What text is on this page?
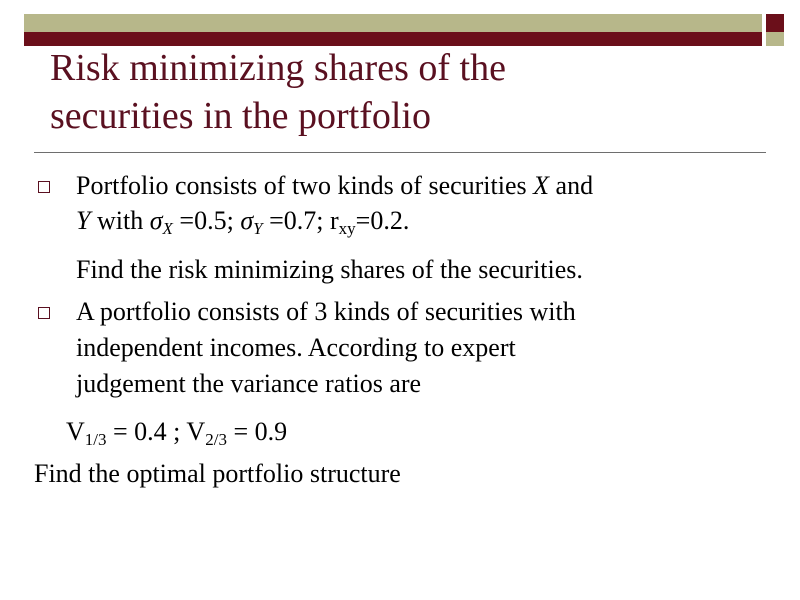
Risk minimizing shares of the
securities in the portfolio
Portfolio consists of two kinds of securities X and
Y with $\sigma_X =0.5$; $\sigma_Y =0.7$; $r_{xy}=0.2$.
Find the risk minimizing shares of the securities.
A portfolio consists of 3 kinds of securities with
independent incomes. According to expert
judgement the variance ratios are
$V_{1/3} = 0.4$ ; $V_{2/3} = 0.9$
Find the optimal portfolio structure
